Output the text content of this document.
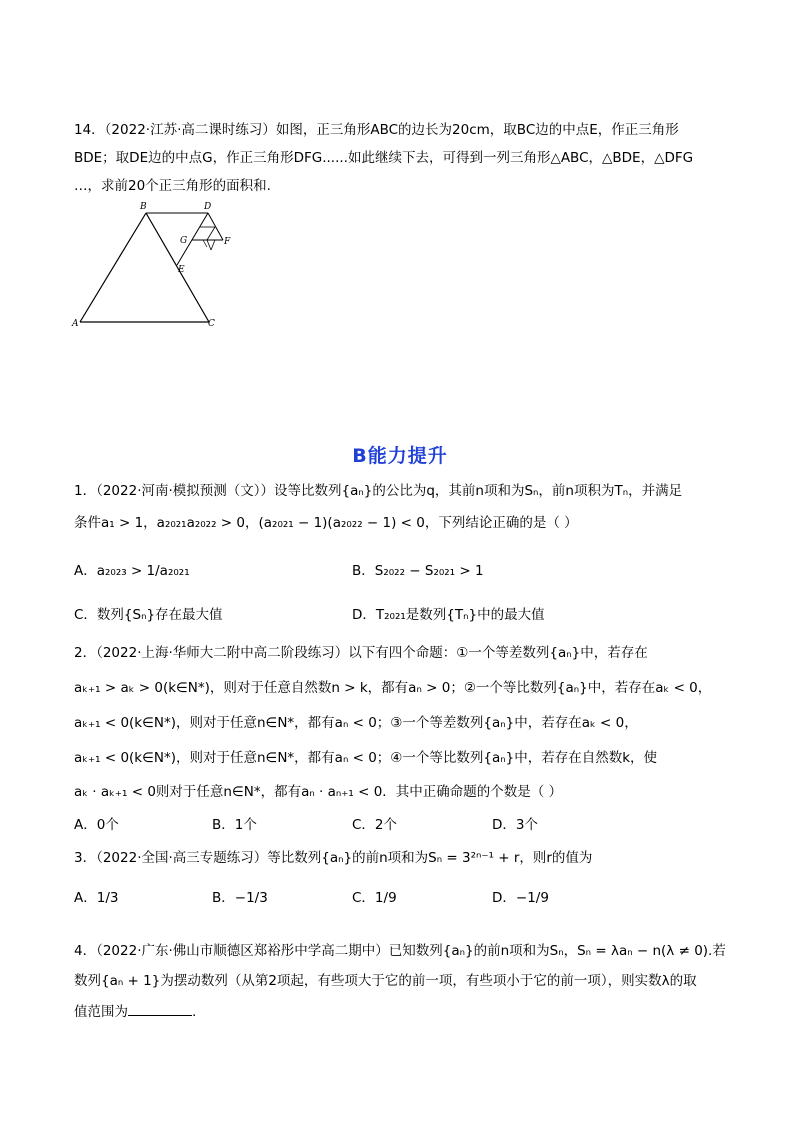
14．（2022·江苏·高二课时练习）如图，正三角形ABC的边长为20cm，取BC边的中点E，作正三角形
BDE；取DE边的中点G，作正三角形DFG......如此继续下去，可得到一列三角形△ABC，△BDE，△DFG
…，求前20个正三角形的面积和.
B	D
G	F
E
A	C
B能力提升
1．（2022·河南·模拟预测（文））设等比数列{aₙ}的公比为q，其前n项和为Sₙ，前n项积为Tₙ，并满足
条件a₁ > 1，a₂₀₂₁a₂₀₂₂ > 0，(a₂₀₂₁ − 1)(a₂₀₂₂ − 1) < 0，下列结论正确的是（ ）
A．a₂₀₂₃ > 1/a₂₀₂₁	B．S₂₀₂₂ − S₂₀₂₁ > 1
C．数列{Sₙ}存在最大值	D．T₂₀₂₁是数列{Tₙ}中的最大值
2．（2022·上海·华师大二附中高二阶段练习）以下有四个命题：①一个等差数列{aₙ}中，若存在
aₖ₊₁ > aₖ > 0(k∈N*)，则对于任意自然数n > k，都有aₙ > 0；②一个等比数列{aₙ}中，若存在aₖ < 0，
aₖ₊₁ < 0(k∈N*)，则对于任意n∈N*，都有aₙ < 0；③一个等差数列{aₙ}中，若存在aₖ < 0，
aₖ₊₁ < 0(k∈N*)，则对于任意n∈N*，都有aₙ < 0；④一个等比数列{aₙ}中，若存在自然数k，使
aₖ · aₖ₊₁ < 0则对于任意n∈N*，都有aₙ · aₙ₊₁ < 0．其中正确命题的个数是（ ）
A．0个	B．1个	C．2个	D．3个
3．（2022·全国·高三专题练习）等比数列{aₙ}的前n项和为Sₙ = 3²ⁿ⁻¹ + r，则r的值为
A．1/3	B．−1/3	C．1/9	D．−1/9
4．（2022·广东·佛山市顺德区郑裕彤中学高二期中）已知数列{aₙ}的前n项和为Sₙ，Sₙ = λaₙ − n(λ ≠ 0).若
数列{aₙ + 1}为摆动数列（从第2项起，有些项大于它的前一项，有些项小于它的前一项），则实数λ的取
值范围为	.
